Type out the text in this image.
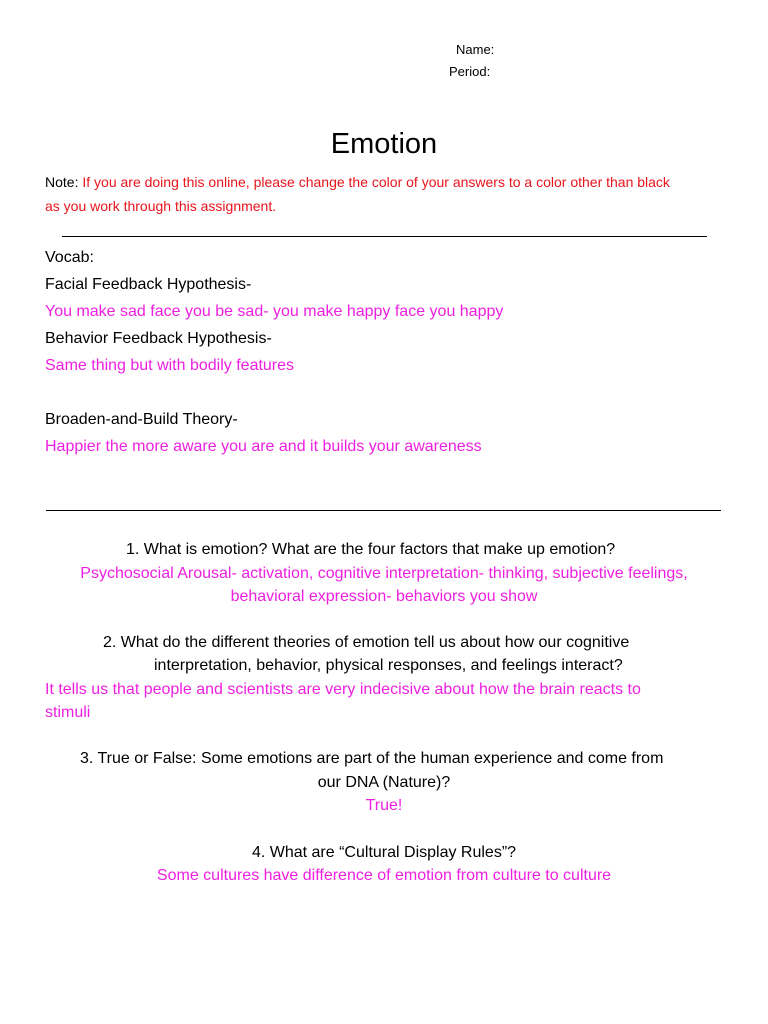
Name:
Period:
Emotion
Note: If you are doing this online, please change the color of your answers to a color other than black
as you work through this assignment.
Vocab:
Facial Feedback Hypothesis-
You make sad face you be sad- you make happy face you happy
Behavior Feedback Hypothesis-
Same thing but with bodily features
Broaden-and-Build Theory-
Happier the more aware you are and it builds your awareness
1. What is emotion? What are the four factors that make up emotion?
Psychosocial Arousal- activation, cognitive interpretation- thinking, subjective feelings,
behavioral expression- behaviors you show
2. What do the different theories of emotion tell us about how our cognitive
interpretation, behavior, physical responses, and feelings interact?
It tells us that people and scientists are very indecisive about how the brain reacts to
stimuli
3. True or False: Some emotions are part of the human experience and come from
our DNA (Nature)?
True!
4. What are “Cultural Display Rules”?
Some cultures have difference of emotion from culture to culture
